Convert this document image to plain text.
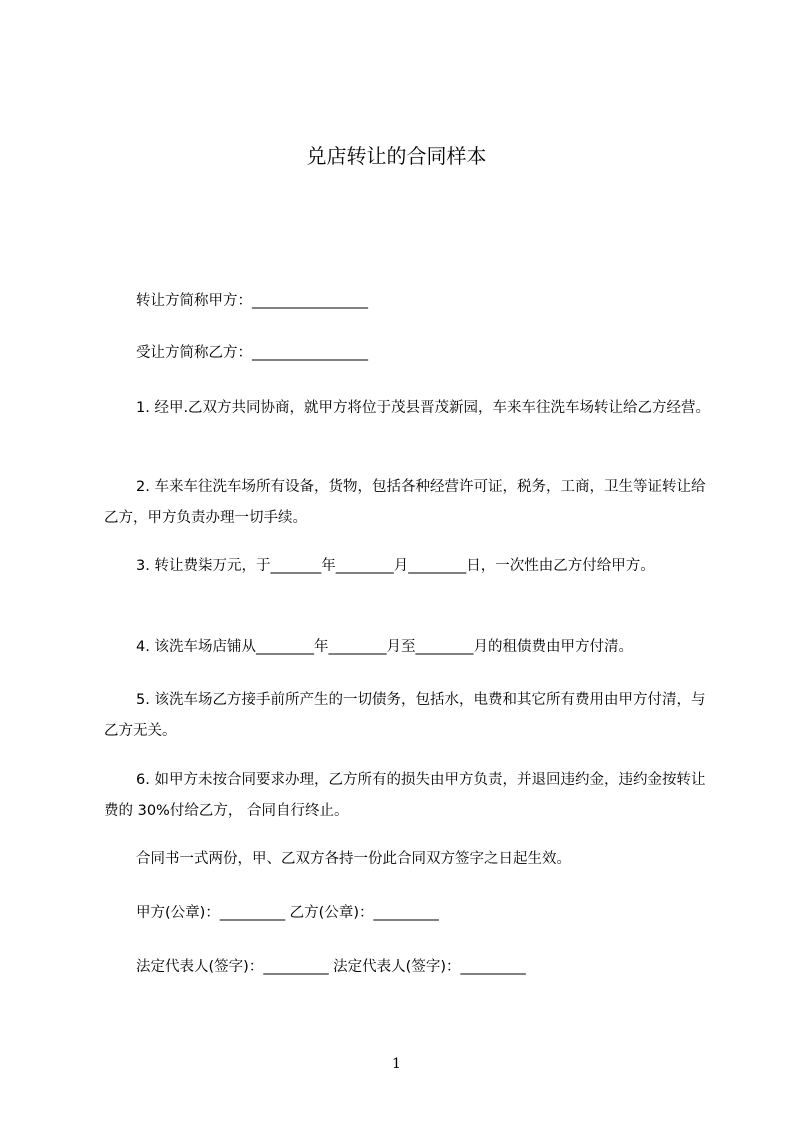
兑店转让的合同样本
转让方简称甲方：________________
受让方简称乙方：________________
1. 经甲.乙双方共同协商，就甲方将位于茂县晋茂新园，车来车往洗车场转让给乙方经营。
2. 车来车往洗车场所有设备，货物，包括各种经营许可证，税务，工商，卫生等证转让给乙方，甲方负责办理一切手续。
3. 转让费柒万元，于_______年________月________日，一次性由乙方付给甲方。
4. 该洗车场店铺从________年________月至________月的租债费由甲方付清。
5. 该洗车场乙方接手前所产生的一切债务，包括水，电费和其它所有费用由甲方付清，与乙方无关。
6. 如甲方未按合同要求办理，乙方所有的损失由甲方负责，并退回违约金，违约金按转让费的 30%付给乙方， 合同自行终止。
合同书一式两份，甲、乙双方各持一份此合同双方签字之日起生效。
甲方(公章)：_________ 乙方(公章)：_________
法定代表人(签字)：_________ 法定代表人(签字)：_________
1
